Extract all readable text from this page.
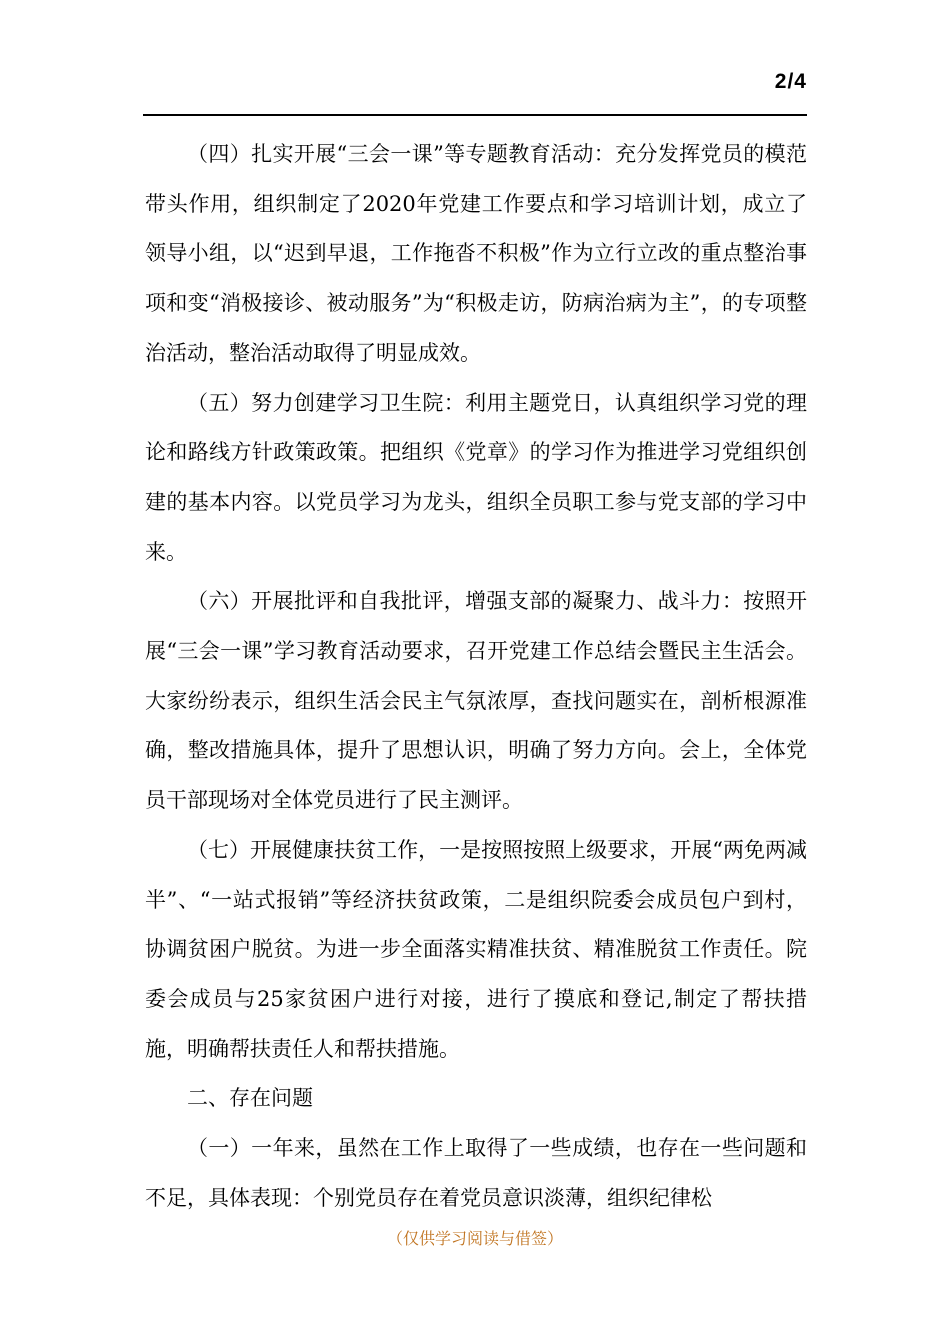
2/4

（四）扎实开展“三会一课”等专题教育活动：充分发挥党员的模范带头作用，组织制定了2020年党建工作要点和学习培训计划，成立了领导小组，以“迟到早退，工作拖沓不积极”作为立行立改的重点整治事项和变“消极接诊、被动服务”为“积极走访，防病治病为主”，的专项整治活动，整治活动取得了明显成效。

（五）努力创建学习卫生院：利用主题党日，认真组织学习党的理论和路线方针政策政策。把组织《党章》的学习作为推进学习党组织创建的基本内容。以党员学习为龙头，组织全员职工参与党支部的学习中来。

（六）开展批评和自我批评，增强支部的凝聚力、战斗力：按照开展“三会一课”学习教育活动要求，召开党建工作总结会暨民主生活会。大家纷纷表示，组织生活会民主气氛浓厚，查找问题实在，剖析根源准确，整改措施具体，提升了思想认识，明确了努力方向。会上，全体党员干部现场对全体党员进行了民主测评。

（七）开展健康扶贫工作，一是按照按照上级要求，开展“两免两减半”、“一站式报销”等经济扶贫政策，二是组织院委会成员包户到村，协调贫困户脱贫。为进一步全面落实精准扶贫、精准脱贫工作责任。院委会成员与25家贫困户进行对接，进行了摸底和登记,制定了帮扶措施，明确帮扶责任人和帮扶措施。

二、存在问题

（一）一年来，虽然在工作上取得了一些成绩，也存在一些问题和不足，具体表现：个别党员存在着党员意识淡薄，组织纪律松

（仅供学习阅读与借签）
